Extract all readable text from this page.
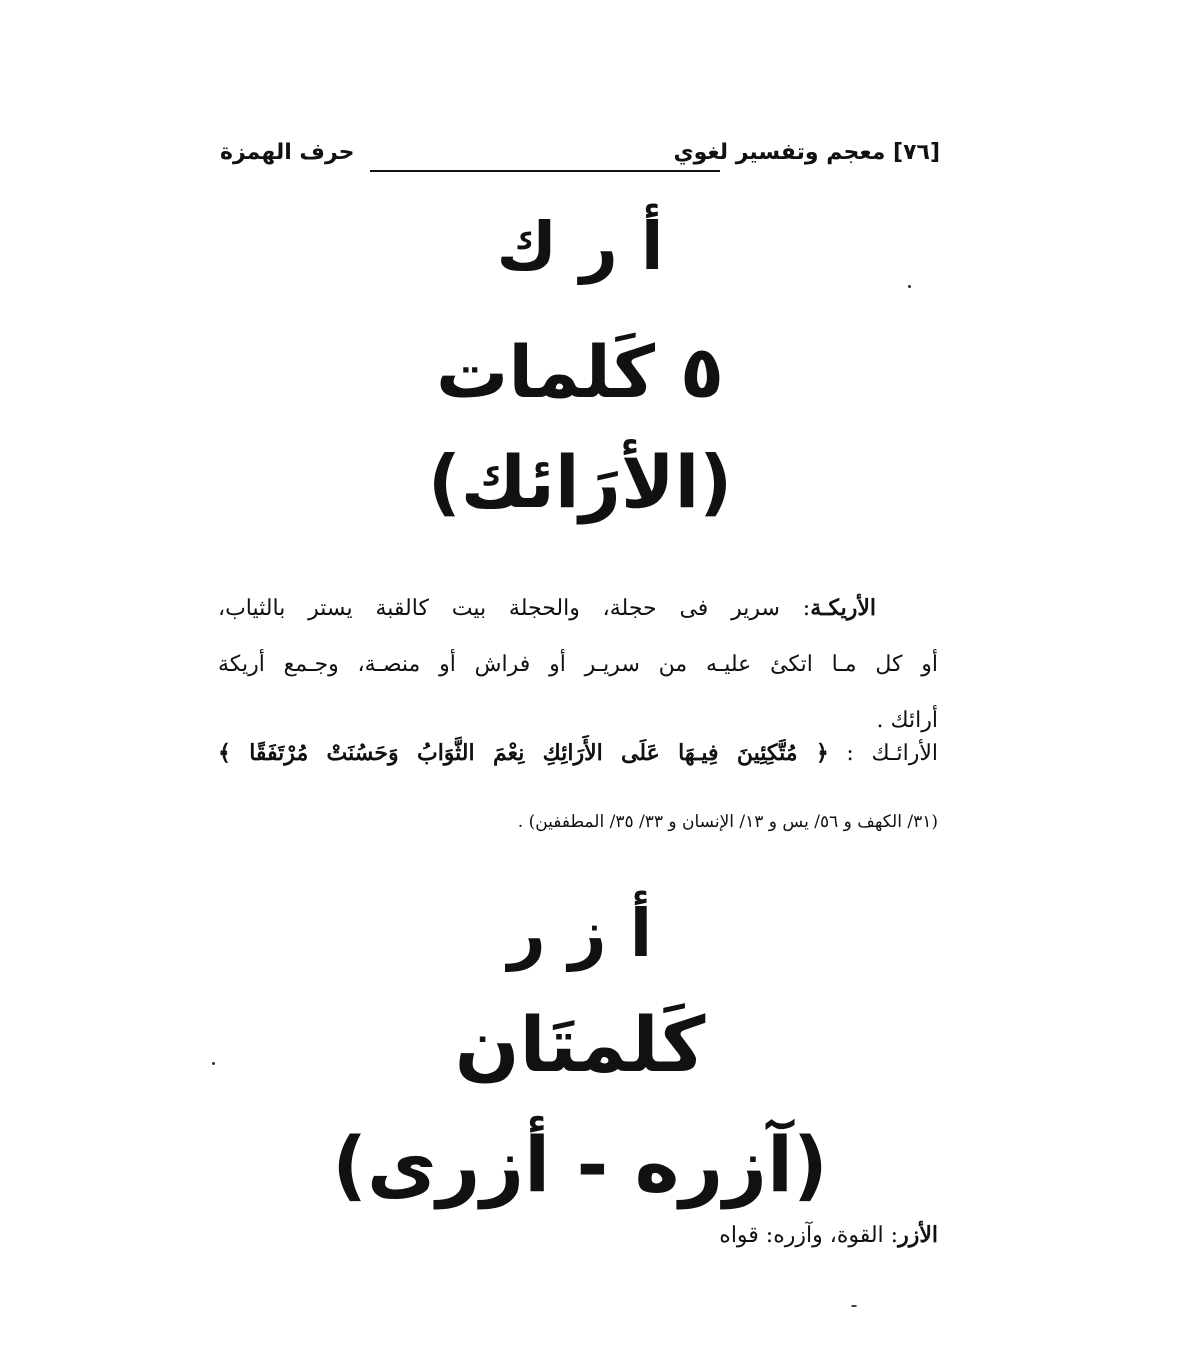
[٧٦] معجم وتفسير لغوي
حرف الهمزة
أ ر ك
٥ كَلمات
(الأرَائك)
الأريكـة: سرير فى حجلة، والحجلة بيت كالقبة يستر بالثياب،
أو كل مـا اتكئ عليـه من سريـر أو فراش أو منصـة، وجـمع أريكة
أرائك .
الأرائـك : ﴿ مُتَّكِئِينَ فِيـهَا عَلَى الأَرَائِكِ نِعْمَ الثَّوَابُ وَحَسُنَتْ مُرْتَفَقًا ﴾
(٣١/ الكهف و ٥٦/ يس و ١٣/ الإنسان و ٣٣/ ٣٥/ المطففين) .
أ ز ر
كَلمتَان
(آزره - أزرى)
الأزر: القوة، وآزره: قواه
